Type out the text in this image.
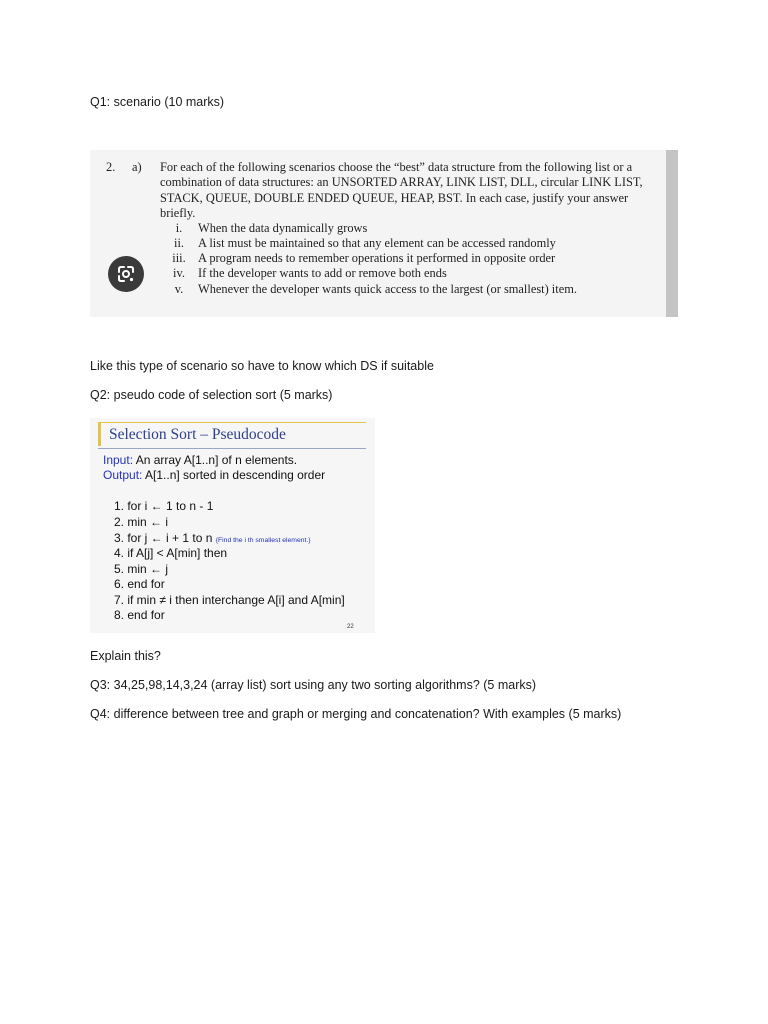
Q1: scenario (10 marks)
2. a) For each of the following scenarios choose the “best” data structure from the following list or a combination of data structures: an UNSORTED ARRAY, LINK LIST, DLL, circular LINK LIST, STACK, QUEUE, DOUBLE ENDED QUEUE, HEAP, BST. In each case, justify your answer briefly.
i. When the data dynamically grows
ii. A list must be maintained so that any element can be accessed randomly
iii. A program needs to remember operations it performed in opposite order
iv. If the developer wants to add or remove both ends
v. Whenever the developer wants quick access to the largest (or smallest) item.
Like this type of scenario so have to know which DS if suitable
Q2: pseudo code of selection sort (5 marks)
Selection Sort – Pseudocode
Input: An array A[1..n] of n elements.
Output: A[1..n] sorted in descending order
1. for i ← 1 to n - 1
2. min ← i
3. for j ← i + 1 to n {Find the i th smallest element.}
4. if A[j] < A[min] then
5. min ← j
6. end for
7. if min ≠ i then interchange A[i] and A[min]
8. end for
22
Explain this?
Q3: 34,25,98,14,3,24 (array list) sort using any two sorting algorithms? (5 marks)
Q4: difference between tree and graph or merging and concatenation? With examples (5 marks)
